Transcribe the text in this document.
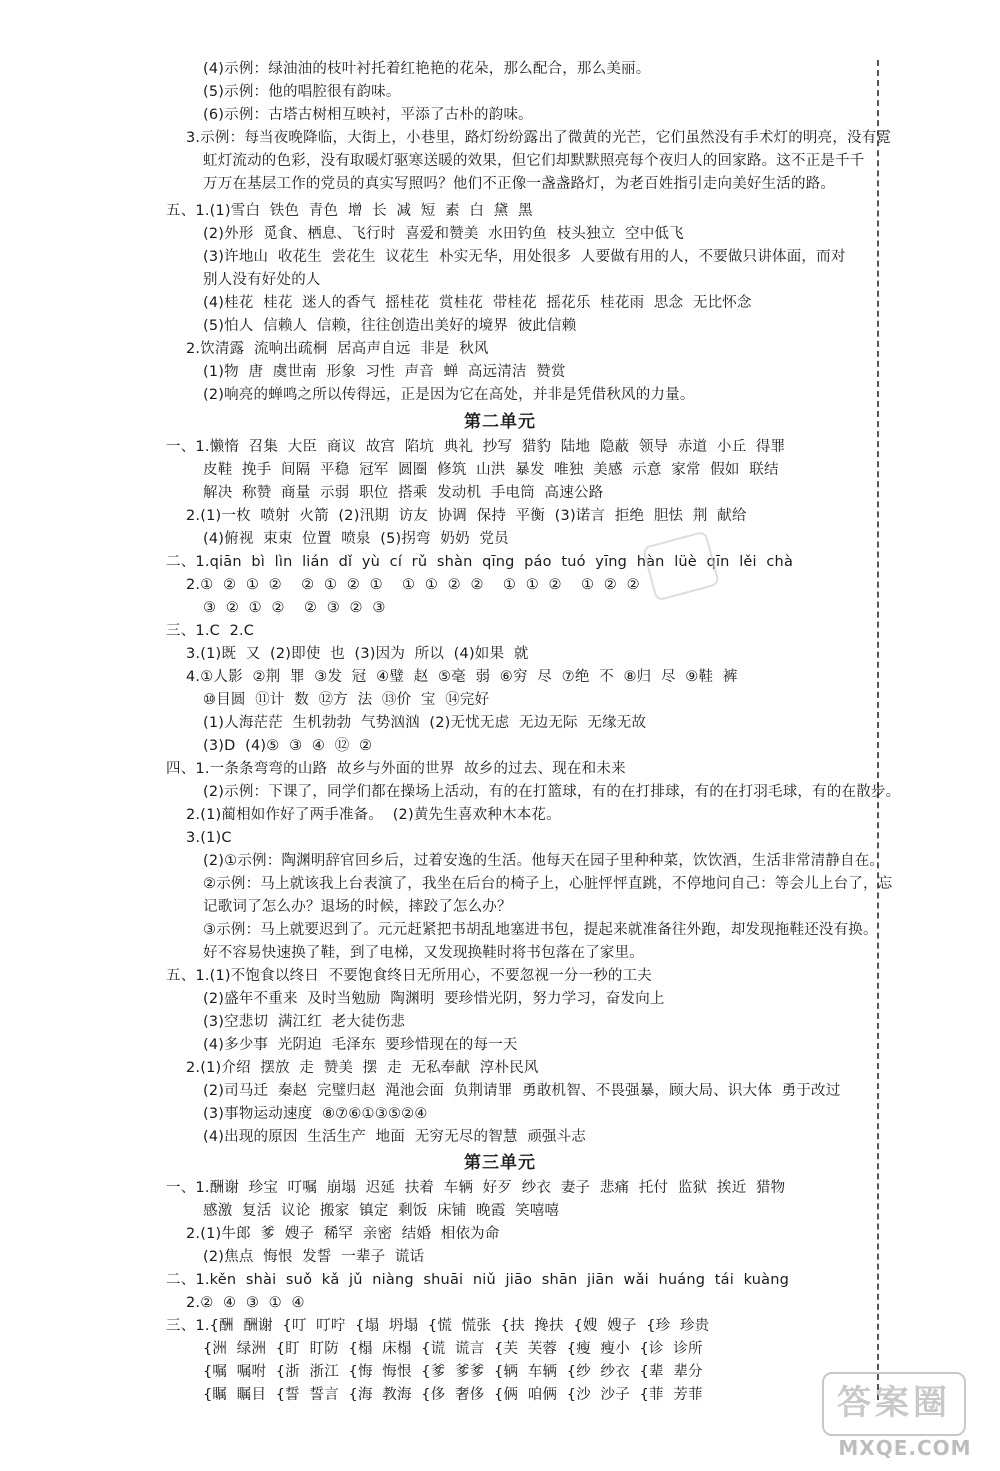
(4)示例：绿油油的枝叶衬托着红艳艳的花朵，那么配合，那么美丽。
(5)示例：他的唱腔很有韵味。
(6)示例：古塔古树相互映衬，平添了古朴的韵味。
3.示例：每当夜晚降临，大街上，小巷里，路灯纷纷露出了微黄的光芒，它们虽然没有手术灯的明亮，没有霓
虹灯流动的色彩，没有取暖灯驱寒送暖的效果，但它们却默默照亮每个夜归人的回家路。这不正是千千
万万在基层工作的党员的真实写照吗？他们不正像一盏盏路灯，为老百姓指引走向美好生活的路。
五、1.(1)雪白  铁色  青色  增  长  减  短  素  白  黛  黑
(2)外形  觅食、栖息、飞行时  喜爱和赞美  水田钓鱼  枝头独立  空中低飞
(3)许地山  收花生  尝花生  议花生  朴实无华，用处很多  人要做有用的人，不要做只讲体面，而对
别人没有好处的人
(4)桂花  桂花  迷人的香气  摇桂花  赏桂花  带桂花  摇花乐  桂花雨  思念  无比怀念
(5)怕人  信赖人  信赖，往往创造出美好的境界  彼此信赖
2.饮清露  流响出疏桐  居高声自远  非是  秋风
(1)物  唐  虞世南  形象  习性  声音  蝉  高远清洁  赞赏
(2)响亮的蝉鸣之所以传得远，正是因为它在高处，并非是凭借秋风的力量。
第二单元
一、1.懒惰  召集  大臣  商议  故宫  陷坑  典礼  抄写  猎豹  陆地  隐蔽  领导  赤道  小丘  得罪
皮鞋  挽手  间隔  平稳  冠军  圆圈  修筑  山洪  暴发  唯独  美感  示意  家常  假如  联结
解决  称赞  商量  示弱  职位  搭乘  发动机  手电筒  高速公路
2.(1)一枚  喷射  火箭  (2)汛期  访友  协调  保持  平衡  (3)诺言  拒绝  胆怯  荆  献给
(4)俯视  束束  位置  喷泉  (5)拐弯  奶奶  党员
二、1.qiān  bì  lìn  lián  dǐ  yù  cí  rǔ  shàn  qīng  páo  tuó  yīng  hàn  lüè  qīn  lěi  chà
2.①  ②  ①  ②    ②  ①  ②  ①    ①  ①  ②  ②    ①  ①  ②    ①  ②  ②
③  ②  ①  ②    ②  ③  ②  ③
三、1.C  2.C
3.(1)既  又  (2)即使  也  (3)因为  所以  (4)如果  就
4.①人影  ②荆  罪  ③发  冠  ④璧  赵  ⑤毫  弱  ⑥穷  尽  ⑦绝  不  ⑧归  尽  ⑨鞋  裤
⑩目圆  ⑪计  数  ⑫方  法  ⑬价  宝  ⑭完好
(1)人海茫茫  生机勃勃  气势汹汹  (2)无忧无虑  无边无际  无缘无故
(3)D  (4)⑤  ③  ④  ⑫  ②
四、1.一条条弯弯的山路  故乡与外面的世界  故乡的过去、现在和未来
(2)示例：下课了，同学们都在操场上活动，有的在打篮球，有的在打排球，有的在打羽毛球，有的在散步。
2.(1)蔺相如作好了两手准备。  (2)黄先生喜欢种木本花。
3.(1)C
(2)①示例：陶渊明辞官回乡后，过着安逸的生活。他每天在园子里种种菜，饮饮酒，生活非常清静自在。
②示例：马上就该我上台表演了，我坐在后台的椅子上，心脏怦怦直跳，不停地问自己：等会儿上台了，忘
记歌词了怎么办？退场的时候，摔跤了怎么办？
③示例：马上就要迟到了。元元赶紧把书胡乱地塞进书包，提起来就准备往外跑，却发现拖鞋还没有换。
好不容易快速换了鞋，到了电梯，又发现换鞋时将书包落在了家里。
五、1.(1)不饱食以终日  不要饱食终日无所用心，不要忽视一分一秒的工夫
(2)盛年不重来  及时当勉励  陶渊明  要珍惜光阴，努力学习，奋发向上
(3)空悲切  满江红  老大徒伤悲
(4)多少事  光阴迫  毛泽东  要珍惜现在的每一天
2.(1)介绍  摆放  走  赞美  摆  走  无私奉献  淳朴民风
(2)司马迁  秦赵  完璧归赵  渑池会面  负荆请罪  勇敢机智、不畏强暴，顾大局、识大体  勇于改过
(3)事物运动速度  ⑧⑦⑥①③⑤②④
(4)出现的原因  生活生产  地面  无穷无尽的智慧  顽强斗志
第三单元
一、1.酬谢  珍宝  叮嘱  崩塌  迟延  扶着  车辆  好歹  纱衣  妻子  悲痛  托付  监狱  挨近  猎物
感激  复活  议论  搬家  镇定  剩饭  床铺  晚霞  笑嘻嘻
2.(1)牛郎  爹  嫂子  稀罕  亲密  结婚  相依为命
(2)焦点  悔恨  发誓  一辈子  谎话
二、1.kěn  shài  suǒ  kǎ  jǔ  niàng  shuāi  niǔ  jiāo  shān  jiān  wǎi  huáng  tái  kuàng
2.②  ④  ③  ①  ④
三、1.{酬  酬谢  {叮  叮咛  {塌  坍塌  {慌  慌张  {扶  搀扶  {嫂  嫂子  {珍  珍贵
{洲  绿洲  {盯  盯防  {榻  床榻  {谎  谎言  {芙  芙蓉  {瘦  瘦小  {诊  诊所
{嘱  嘱咐  {浙  浙江  {悔  悔恨  {爹  爹爹  {辆  车辆  {纱  纱衣  {辈  辈分
{瞩  瞩目  {誓  誓言  {海  教海  {侈  奢侈  {俩  咱俩  {沙  沙子  {菲  芳菲	答案圈
MXQE.COM
